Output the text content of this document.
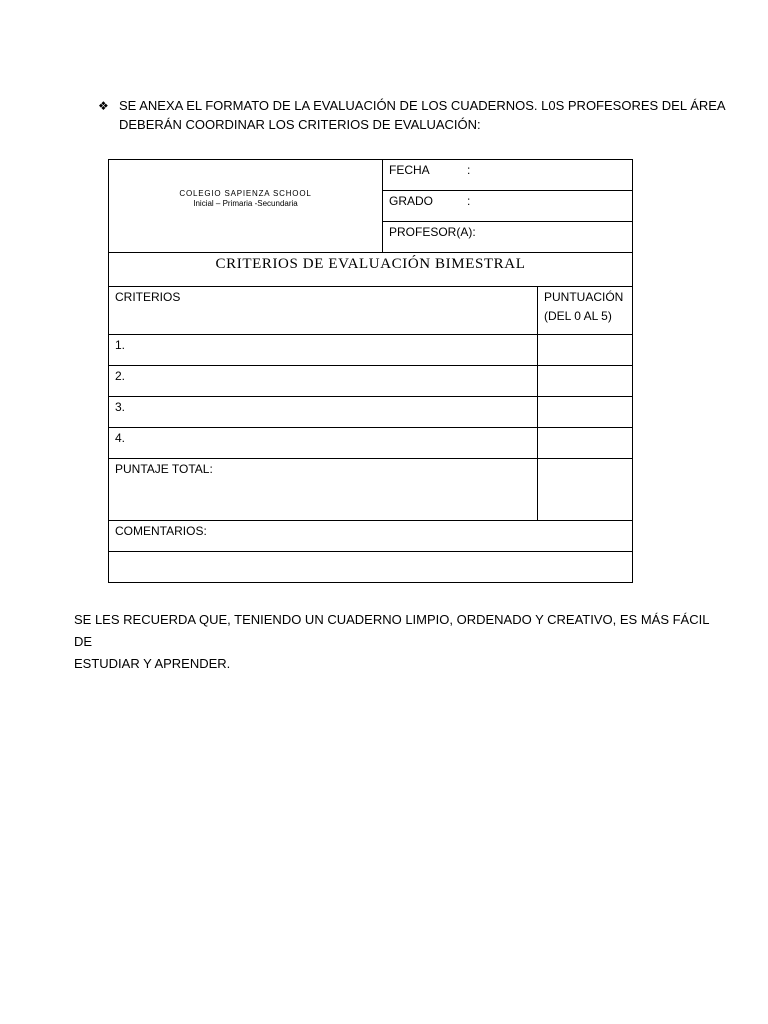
❖ SE ANEXA EL FORMATO DE LA EVALUACIÓN DE LOS CUADERNOS. L0S PROFESORES DEL ÁREA
DEBERÁN COORDINAR LOS CRITERIOS DE EVALUACIÓN:
COLEGIO SAPIENZA SCHOOL
Inicial – Primaria -Secundaria	FECHA :	
	GRADO :	

	PROFESOR(A):	

CRITERIOS DE EVALUACIÓN BIMESTRAL		

CRITERIOS		PUNTUACIÓN
(DEL 0 AL 5)

1.		

2.		

3.		

4.		

PUNTAJE TOTAL:		

COMENTARIOS:		

SE LES RECUERDA QUE, TENIENDO UN CUADERNO LIMPIO, ORDENADO Y CREATIVO, ES MÁS FÁCIL DE
ESTUDIAR Y APRENDER.
